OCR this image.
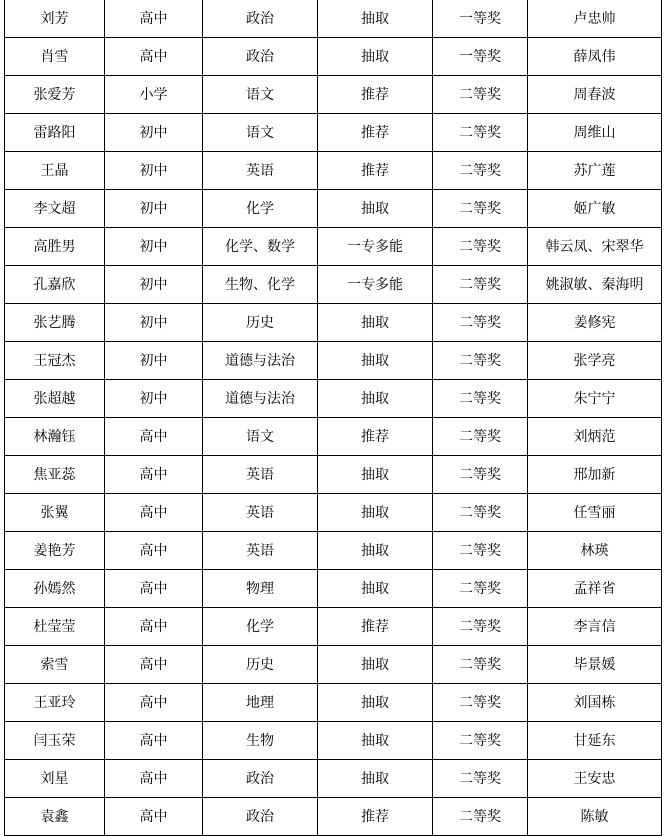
刘芳	高中	政治	抽取	一等奖	卢忠帅
肖雪	高中	政治	抽取	一等奖	薛凤伟
张爱芳	小学	语文	推荐	二等奖	周春波
雷路阳	初中	语文	推荐	二等奖	周维山
王晶	初中	英语	推荐	二等奖	苏广莲
李文超	初中	化学	抽取	二等奖	姬广敏
高胜男	初中	化学、数学	一专多能	二等奖	韩云凤、宋翠华
孔嘉欣	初中	生物、化学	一专多能	二等奖	姚淑敏、秦海明
张艺腾	初中	历史	抽取	二等奖	姜修宪
王冠杰	初中	道德与法治	抽取	二等奖	张学亮
张超越	初中	道德与法治	抽取	二等奖	朱宁宁
林瀚钰	高中	语文	推荐	二等奖	刘炳范
焦亚蕊	高中	英语	抽取	二等奖	邢加新
张翼	高中	英语	抽取	二等奖	任雪丽
姜艳芳	高中	英语	抽取	二等奖	林瑛
孙嫣然	高中	物理	抽取	二等奖	孟祥省
杜莹莹	高中	化学	推荐	二等奖	李言信
索雪	高中	历史	抽取	二等奖	毕景媛
王亚玲	高中	地理	抽取	二等奖	刘国栋
闫玉荣	高中	生物	抽取	二等奖	甘延东
刘星	高中	政治	抽取	二等奖	王安忠
袁鑫	高中	政治	推荐	二等奖	陈敏
